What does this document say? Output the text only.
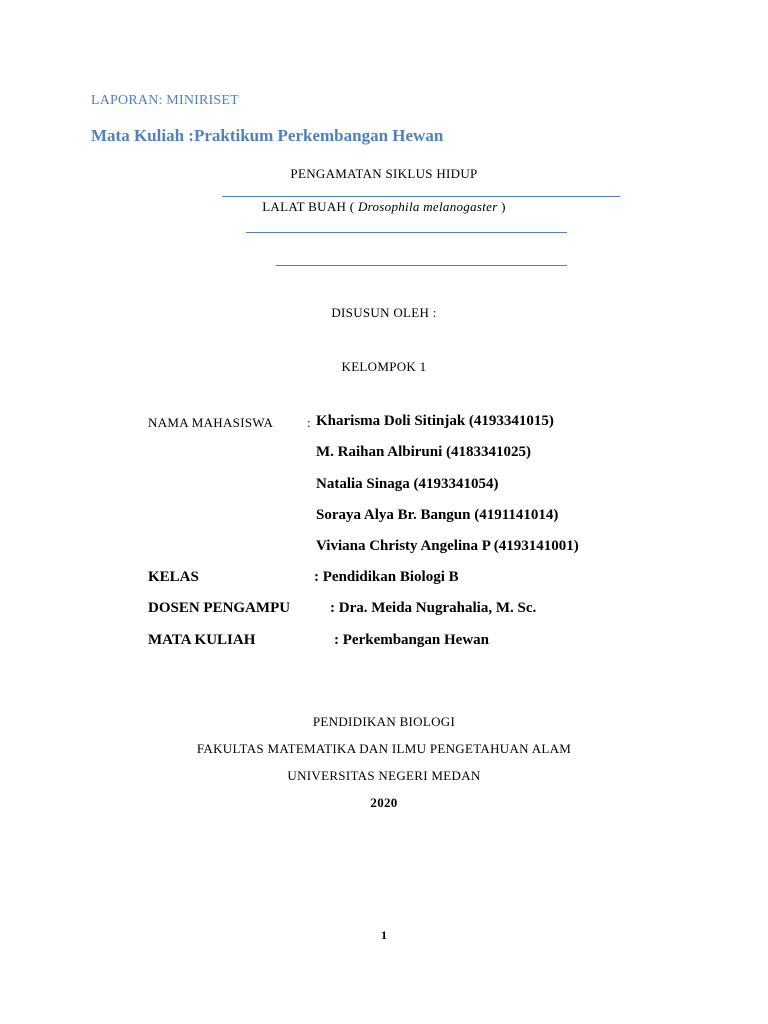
LAPORAN: MINIRISET
Mata Kuliah :Praktikum Perkembangan Hewan
PENGAMATAN SIKLUS HIDUP
LALAT BUAH ( Drosophila melanogaster )
DISUSUN OLEH :
KELOMPOK 1
NAMA MAHASISWA	: Kharisma Doli Sitinjak (4193341015)
M. Raihan Albiruni (4183341025)
Natalia Sinaga (4193341054)
Soraya Alya Br. Bangun (4191141014)
Viviana Christy Angelina P (4193141001)
KELAS	: Pendidikan Biologi B
DOSEN PENGAMPU	: Dra. Meida Nugrahalia, M. Sc.
MATA KULIAH	: Perkembangan Hewan
PENDIDIKAN BIOLOGI
FAKULTAS MATEMATIKA DAN ILMU PENGETAHUAN ALAM
UNIVERSITAS NEGERI MEDAN
2020
1
